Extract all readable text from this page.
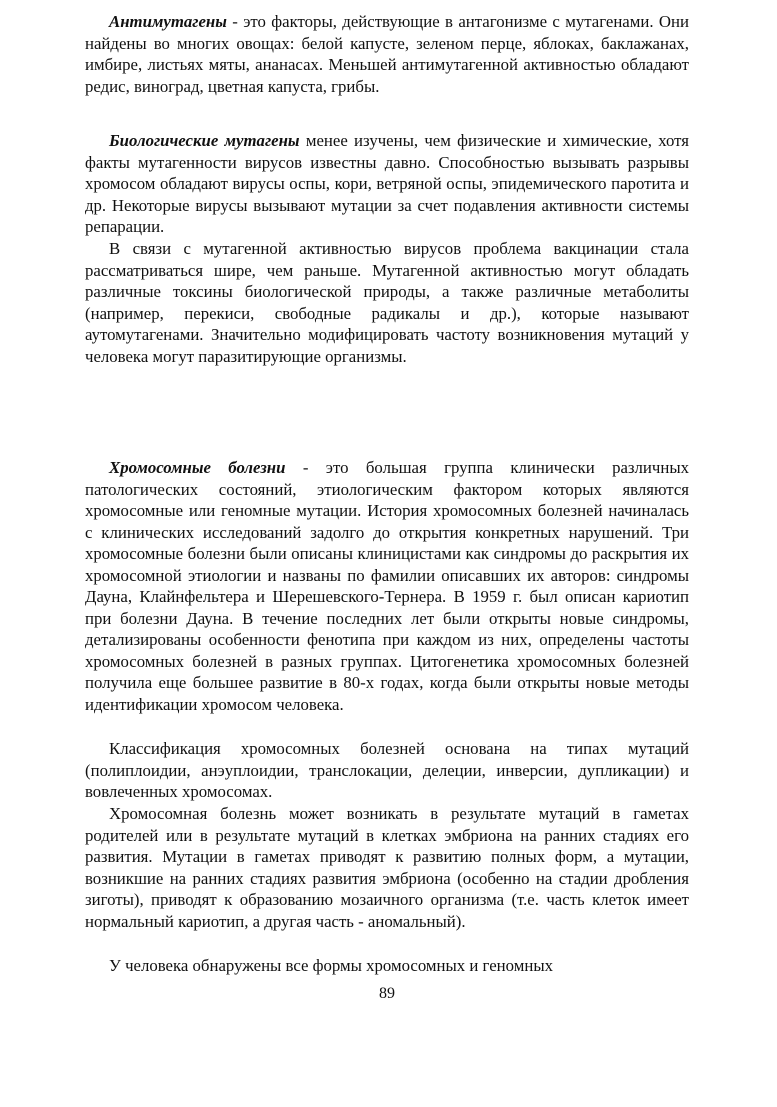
Антимутагены - это факторы, действующие в антагонизме с мутагенами. Они найдены во многих овощах: белой капусте, зеленом перце, яблоках, баклажанах, имбире, листьях мяты, ананасах. Меньшей антимутагенной активностью обладают редис, виноград, цветная капуста, грибы.

Биологические мутагены менее изучены, чем физические и химические, хотя факты мутагенности вирусов известны давно. Способностью вызывать разрывы хромосом обладают вирусы оспы, кори, ветряной оспы, эпидемического паротита и др. Некоторые вирусы вызывают мутации за счет подавления активности системы репарации.

В связи с мутагенной активностью вирусов проблема вакцинации стала рассматриваться шире, чем раньше. Мутагенной активностью могут обладать различные токсины биологической природы, а также различные метаболиты (например, перекиси, свободные радикалы и др.), которые называют аутомутагенами. Значительно модифицировать частоту возникновения мутаций у человека могут паразитирующие организмы.

Хромосомные болезни - это большая группа клинически различных патологических состояний, этиологическим фактором которых являются хромосомные или геномные мутации. История хромосомных болезней начиналась с клинических исследований задолго до открытия конкретных нарушений. Три хромосомные болезни были описаны клиницистами как синдромы до раскрытия их хромосомной этиологии и названы по фамилии описавших их авторов: синдромы Дауна, Клайнфельтера и Шерешевского-Тернера. В 1959 г. был описан кариотип при болезни Дауна. В течение последних лет были открыты новые синдромы, детализированы особенности фенотипа при каждом из них, определены частоты хромосомных болезней в разных группах. Цитогенетика хромосомных болезней получила еще большее развитие в 80-х годах, когда были открыты новые методы идентификации хромосом человека.

Классификация хромосомных болезней основана на типах мутаций (полиплоидии, анэуплоидии, транслокации, делеции, инверсии, дупликации) и вовлеченных хромосомах.

Хромосомная болезнь может возникать в результате мутаций в гаметах родителей или в результате мутаций в клетках эмбриона на ранних стадиях его развития. Мутации в гаметах приводят к развитию полных форм, а мутации, возникшие на ранних стадиях развития эмбриона (особенно на стадии дробления зиготы), приводят к образованию мозаичного организма (т.е. часть клеток имеет нормальный кариотип, а другая часть - аномальный).

У человека обнаружены все формы хромосомных и геномных

89
